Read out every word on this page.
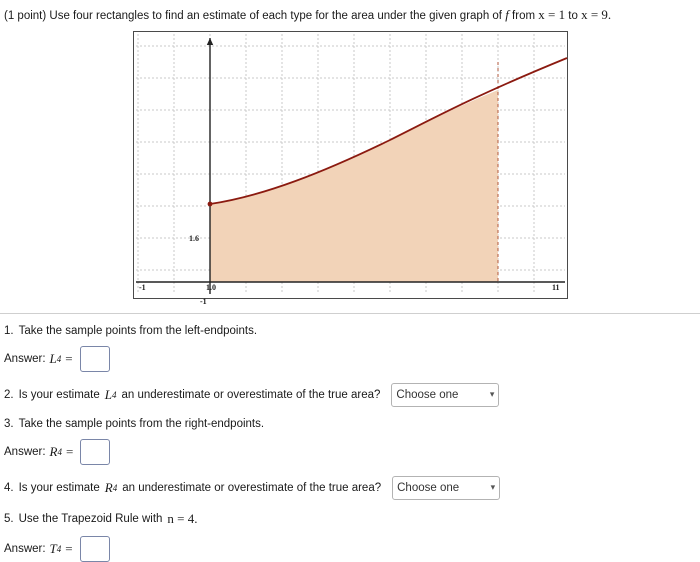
(1 point) Use four rectangles to find an estimate of each type for the area under the given graph of f from x = 1 to x = 9.
-1	1.0	11
1.6
-1
1. Take the sample points from the left-endpoints.
Answer: L 4 =
2. Is your estimate L 4 an underestimate or overestimate of the true area? Choose one	▾
3. Take the sample points from the right-endpoints.
Answer: R 4 =
4. Is your estimate R 4 an underestimate or overestimate of the true area? Choose one	▾
5. Use the Trapezoid Rule with n = 4.
Answer: T 4 =
